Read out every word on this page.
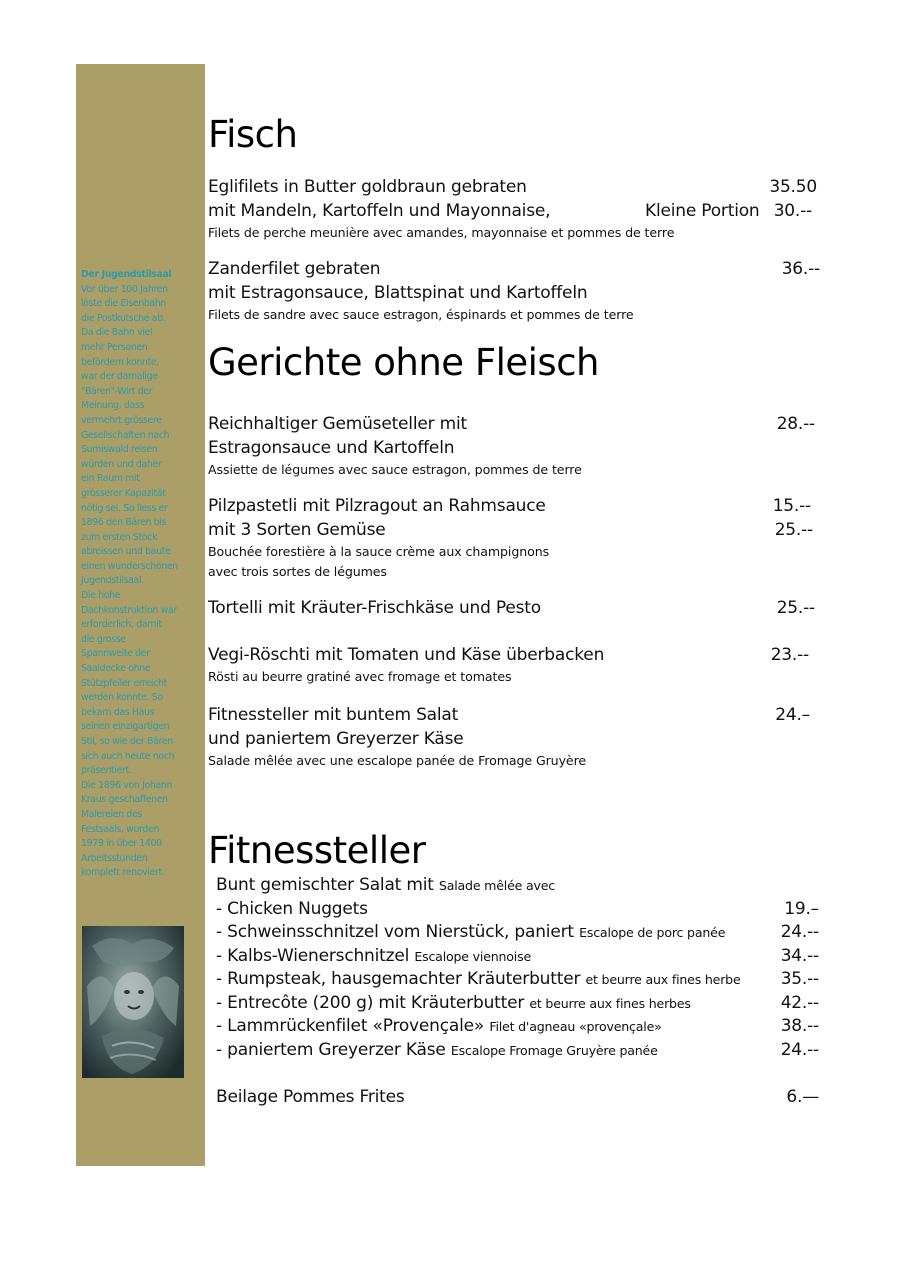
Der Jugendstilsaal
Vor über 100 Jahren
löste die Eisenbahn
die Postkutsche ab.
Da die Bahn viel
mehr Personen
befördern konnte,
war der damalige
"Bären"-Wirt der
Meinung, dass
vermehrt grössere
Gesellschaften nach
Sumiswald reisen
würden und daher
ein Raum mit
grösserer Kapazität
nötig sei. So liess er
1896 den Bären bis
zum ersten Stock
abreissen und baute
einen wunderschönen
Jugendstilsaal.
Die hohe
Dachkonstruktion war
erforderlich, damit
die grosse
Spannweite der
Saaldecke ohne
Stützpfeiler erreicht
werden konnte. So
bekam das Haus
seinen einzigartigen
Stil, so wie der Bären
sich auch heute noch
präsentiert.
Die 1896 von Johann
Kraus geschaffenen
Malereien des
Festsaals, wurden
1979 in über 1400
Arbeitsstunden
komplett renoviert.
Fisch
Eglifilets in Butter goldbraun gebraten	35.50
mit Mandeln, Kartoffeln und Mayonnaise,	Kleine Portion 30.--
Filets de perche meunière avec amandes, mayonnaise et pommes de terre
Zanderfilet gebraten	36.--
mit Estragonsauce, Blattspinat und Kartoffeln
Filets de sandre avec sauce estragon, éspinards et pommes de terre
Gerichte ohne Fleisch
Reichhaltiger Gemüseteller mit	28.--
Estragonsauce und Kartoffeln
Assiette de légumes avec sauce estragon, pommes de terre
Pilzpastetli mit Pilzragout an Rahmsauce	15.--
mit 3 Sorten Gemüse	25.--
Bouchée forestière à la sauce crème aux champignons
avec trois sortes de légumes
Tortelli mit Kräuter-Frischkäse und Pesto	25.--
Vegi-Röschti mit Tomaten und Käse überbacken	23.--
Rösti au beurre gratiné avec fromage et tomates
Fitnessteller mit buntem Salat	24.–
und paniertem Greyerzer Käse
Salade mêlée avec une escalope panée de Fromage Gruyère
Fitnessteller
Bunt gemischter Salat mit Salade mêlée avec
- Chicken Nuggets	19.–
- Schweinsschnitzel vom Nierstück, paniert Escalope de porc panée	24.--
- Kalbs-Wienerschnitzel Escalope viennoise	34.--
- Rumpsteak, hausgemachter Kräuterbutter et beurre aux fines herbe 35.--
- Entrecôte (200 g) mit Kräuterbutter et beurre aux fines herbes	42.--
- Lammrückenfilet «Provençale» Filet d'agneau «provençale»	38.--
- paniertem Greyerzer Käse Escalope Fromage Gruyère panée	24.--
Beilage Pommes Frites	6.—
